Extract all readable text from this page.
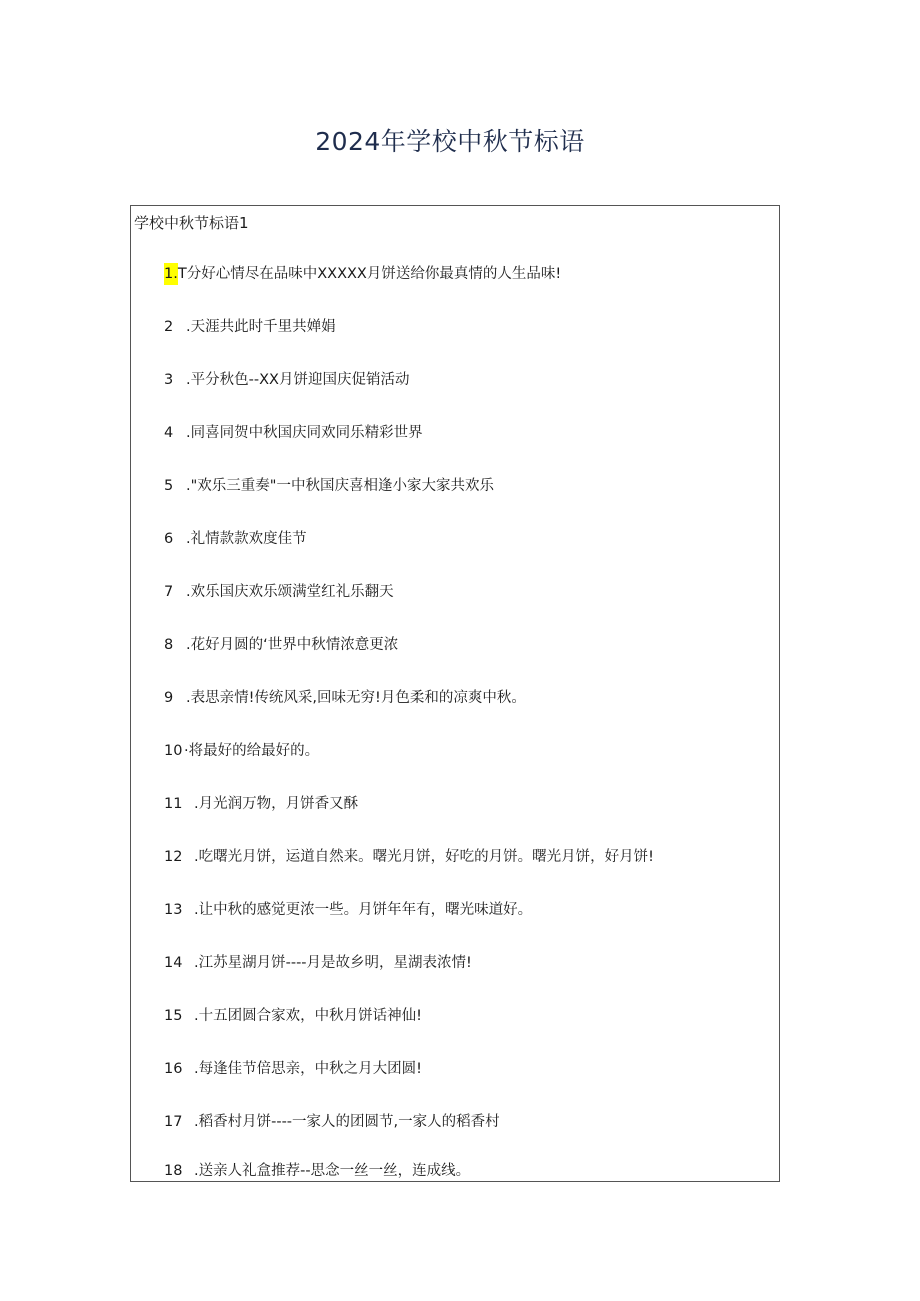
2024年学校中秋节标语
学校中秋节标语1
1.T分好心情尽在品味中XXXXX月饼送给你最真情的人生品味!
2 .天涯共此时千里共婵娟
3 .平分秋色--XX月饼迎国庆促销活动
4 .同喜同贺中秋国庆同欢同乐精彩世界
5 ."欢乐三重奏"一中秋国庆喜相逢小家大家共欢乐
6 .礼情款款欢度佳节
7 .欢乐国庆欢乐颂满堂红礼乐翻天
8 .花好月圆的‘世界中秋情浓意更浓
9 .表思亲情!传统风采,回味无穷!月色柔和的凉爽中秋。
10 ·将最好的给最好的。
11 .月光润万物，月饼香又酥
12 .吃曙光月饼，运道自然来。曙光月饼，好吃的月饼。曙光月饼，好月饼!
13 .让中秋的感觉更浓一些。月饼年年有，曙光味道好。
14 .江苏星湖月饼----月是故乡明，星湖表浓情!
15 .十五团圆合家欢，中秋月饼话神仙!
16 .每逢佳节倍思亲，中秋之月大团圆!
17 .稻香村月饼----一家人的团圆节,一家人的稻香村
18 .送亲人礼盒推荐--思念一丝一丝，连成线。
